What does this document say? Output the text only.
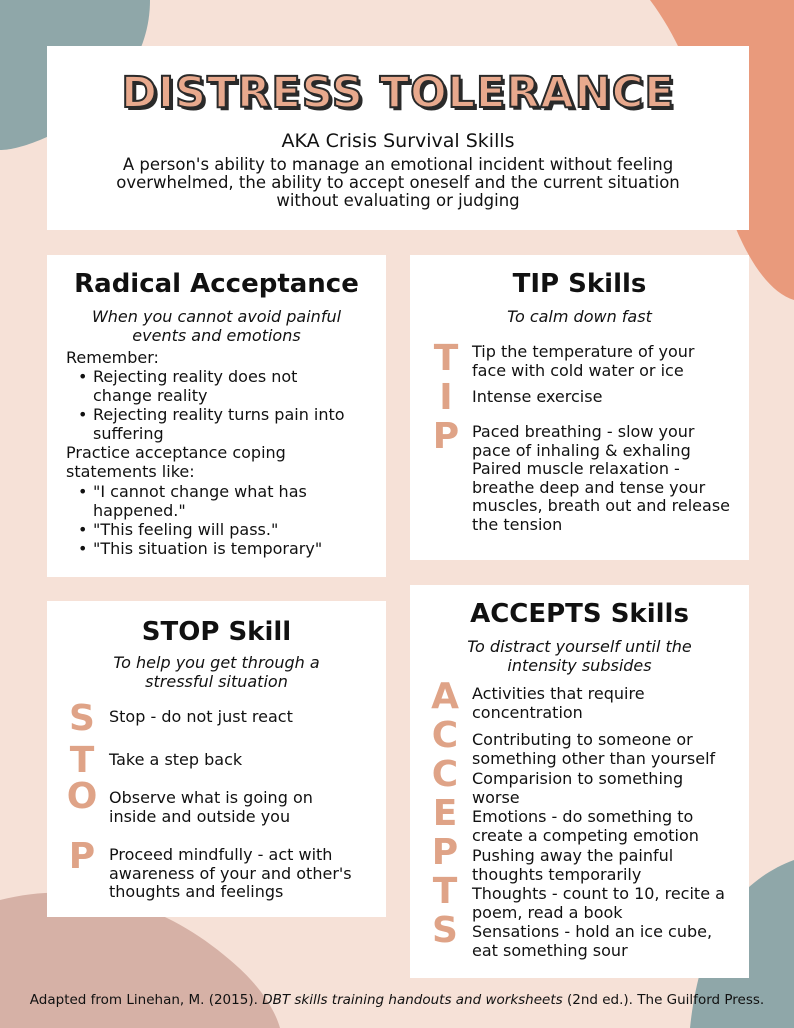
DISTRESS TOLERANCE
AKA Crisis Survival Skills
A person's ability to manage an emotional incident without feeling overwhelmed, the ability to accept oneself and the current situation without evaluating or judging
Radical Acceptance
When you cannot avoid painful events and emotions
Remember:
• Rejecting reality does not change reality
• Rejecting reality turns pain into suffering
Practice acceptance coping statements like:
• "I cannot change what has happened."
• "This feeling will pass."
• "This situation is temporary"
TIP Skills
To calm down fast
T
I
P
Tip the temperature of your face with cold water or ice
Intense exercise
Paced breathing - slow your pace of inhaling & exhaling
Paired muscle relaxation - breathe deep and tense your muscles, breath out and release the tension
STOP Skill
To help you get through a stressful situation
S
T
O
P
Stop - do not just react
Take a step back
Observe what is going on inside and outside you
Proceed mindfully - act with awareness of your and other's thoughts and feelings
ACCEPTS Skills
To distract yourself until the intensity subsides
A
C
C
E
P
T
S
Activities that require concentration
Contributing to someone or something other than yourself
Comparision to something worse
Emotions - do something to create a competing emotion
Pushing away the painful thoughts temporarily
Thoughts - count to 10, recite a poem, read a book
Sensations - hold an ice cube, eat something sour
Adapted from Linehan, M. (2015). DBT skills training handouts and worksheets (2nd ed.). The Guilford Press.
